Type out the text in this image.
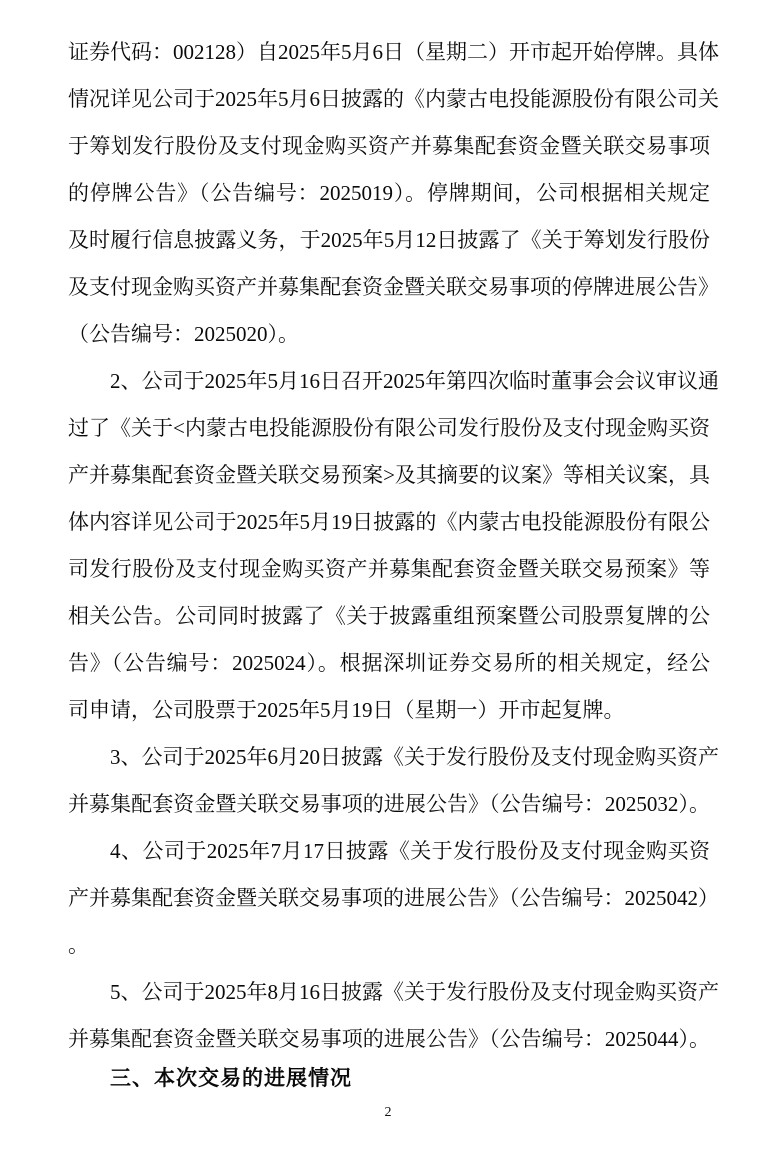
证券代码：002128）自2025年5月6日（星期二）开市起开始停牌。具体
情况详见公司于2025年5月6日披露的《内蒙古电投能源股份有限公司关
于筹划发行股份及支付现金购买资产并募集配套资金暨关联交易事项
的停牌公告》（公告编号：2025019）。停牌期间，公司根据相关规定
及时履行信息披露义务，于2025年5月12日披露了《关于筹划发行股份
及支付现金购买资产并募集配套资金暨关联交易事项的停牌进展公告》
（公告编号：2025020）。
2、公司于2025年5月16日召开2025年第四次临时董事会会议审议通
过了《关于<内蒙古电投能源股份有限公司发行股份及支付现金购买资
产并募集配套资金暨关联交易预案>及其摘要的议案》等相关议案，具
体内容详见公司于2025年5月19日披露的《内蒙古电投能源股份有限公
司发行股份及支付现金购买资产并募集配套资金暨关联交易预案》等
相关公告。公司同时披露了《关于披露重组预案暨公司股票复牌的公
告》（公告编号：2025024）。根据深圳证券交易所的相关规定，经公
司申请，公司股票于2025年5月19日（星期一）开市起复牌。
3、公司于2025年6月20日披露《关于发行股份及支付现金购买资产
并募集配套资金暨关联交易事项的进展公告》（公告编号：2025032）。
4、公司于2025年7月17日披露《关于发行股份及支付现金购买资
产并募集配套资金暨关联交易事项的进展公告》（公告编号：2025042）
。
5、公司于2025年8月16日披露《关于发行股份及支付现金购买资产
并募集配套资金暨关联交易事项的进展公告》（公告编号：2025044）。
三、本次交易的进展情况
2
